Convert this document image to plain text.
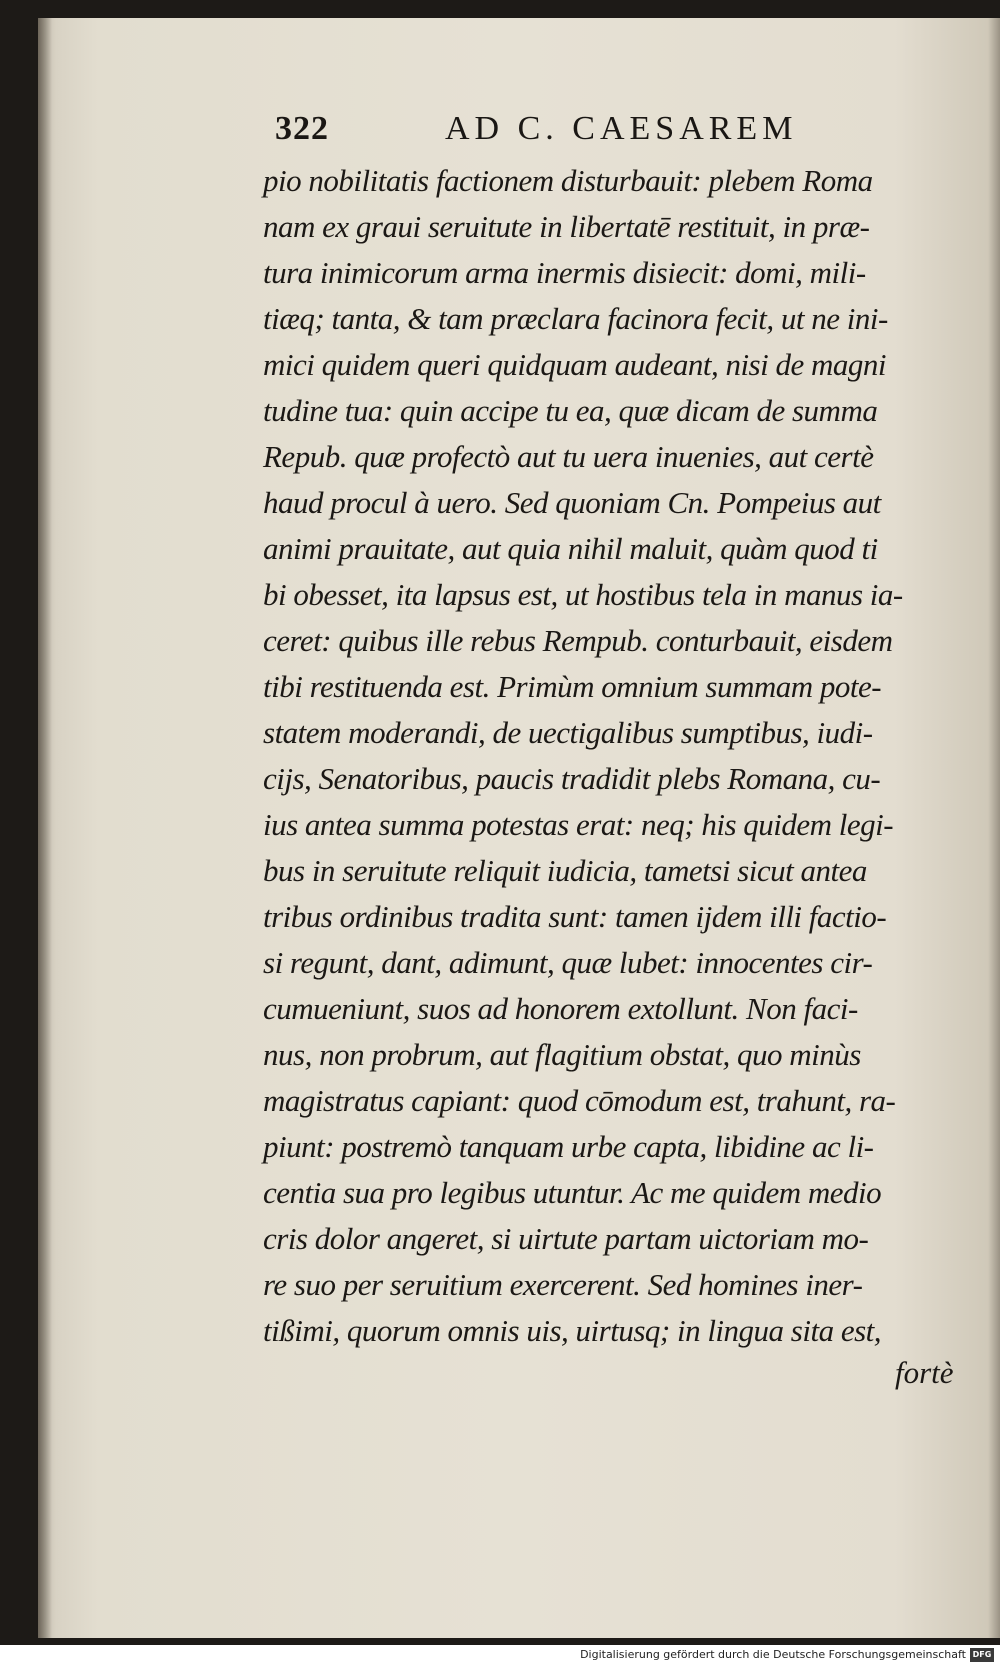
322	AD C. CAESAREM
pio nobilitatis factionem disturbauit: plebem Roma
nam ex graui seruitute in libertatē restituit, in præ-
tura inimicorum arma inermis disiecit: domi, mili-
tiæq; tanta, & tam præclara facinora fecit, ut ne ini-
mici quidem queri quidquam audeant, nisi de magni
tudine tua: quin accipe tu ea, quæ dicam de summa
Repub. quæ profectò aut tu uera inuenies, aut certè
haud procul à uero. Sed quoniam Cn. Pompeius aut
animi prauitate, aut quia nihil maluit, quàm quod ti
bi obesset, ita lapsus est, ut hostibus tela in manus ia-
ceret: quibus ille rebus Rempub. conturbauit, eisdem
tibi restituenda est. Primùm omnium summam pote-
statem moderandi, de uectigalibus sumptibus, iudi-
cijs, Senatoribus, paucis tradidit plebs Romana, cu-
ius antea summa potestas erat: neq; his quidem legi-
bus in seruitute reliquit iudicia, tametsi sicut antea
tribus ordinibus tradita sunt: tamen ijdem illi factio-
si regunt, dant, adimunt, quæ lubet: innocentes cir-
cumueniunt, suos ad honorem extollunt. Non faci-
nus, non probrum, aut flagitium obstat, quo minùs
magistratus capiant: quod cōmodum est, trahunt, ra-
piunt: postremò tanquam urbe capta, libidine ac li-
centia sua pro legibus utuntur. Ac me quidem medio
cris dolor angeret, si uirtute partam uictoriam mo-
re suo per seruitium exercerent. Sed homines iner-
tißimi, quorum omnis uis, uirtusq; in lingua sita est,
fortè
Digitalisierung gefördert durch die Deutsche Forschungsgemeinschaft DFG
